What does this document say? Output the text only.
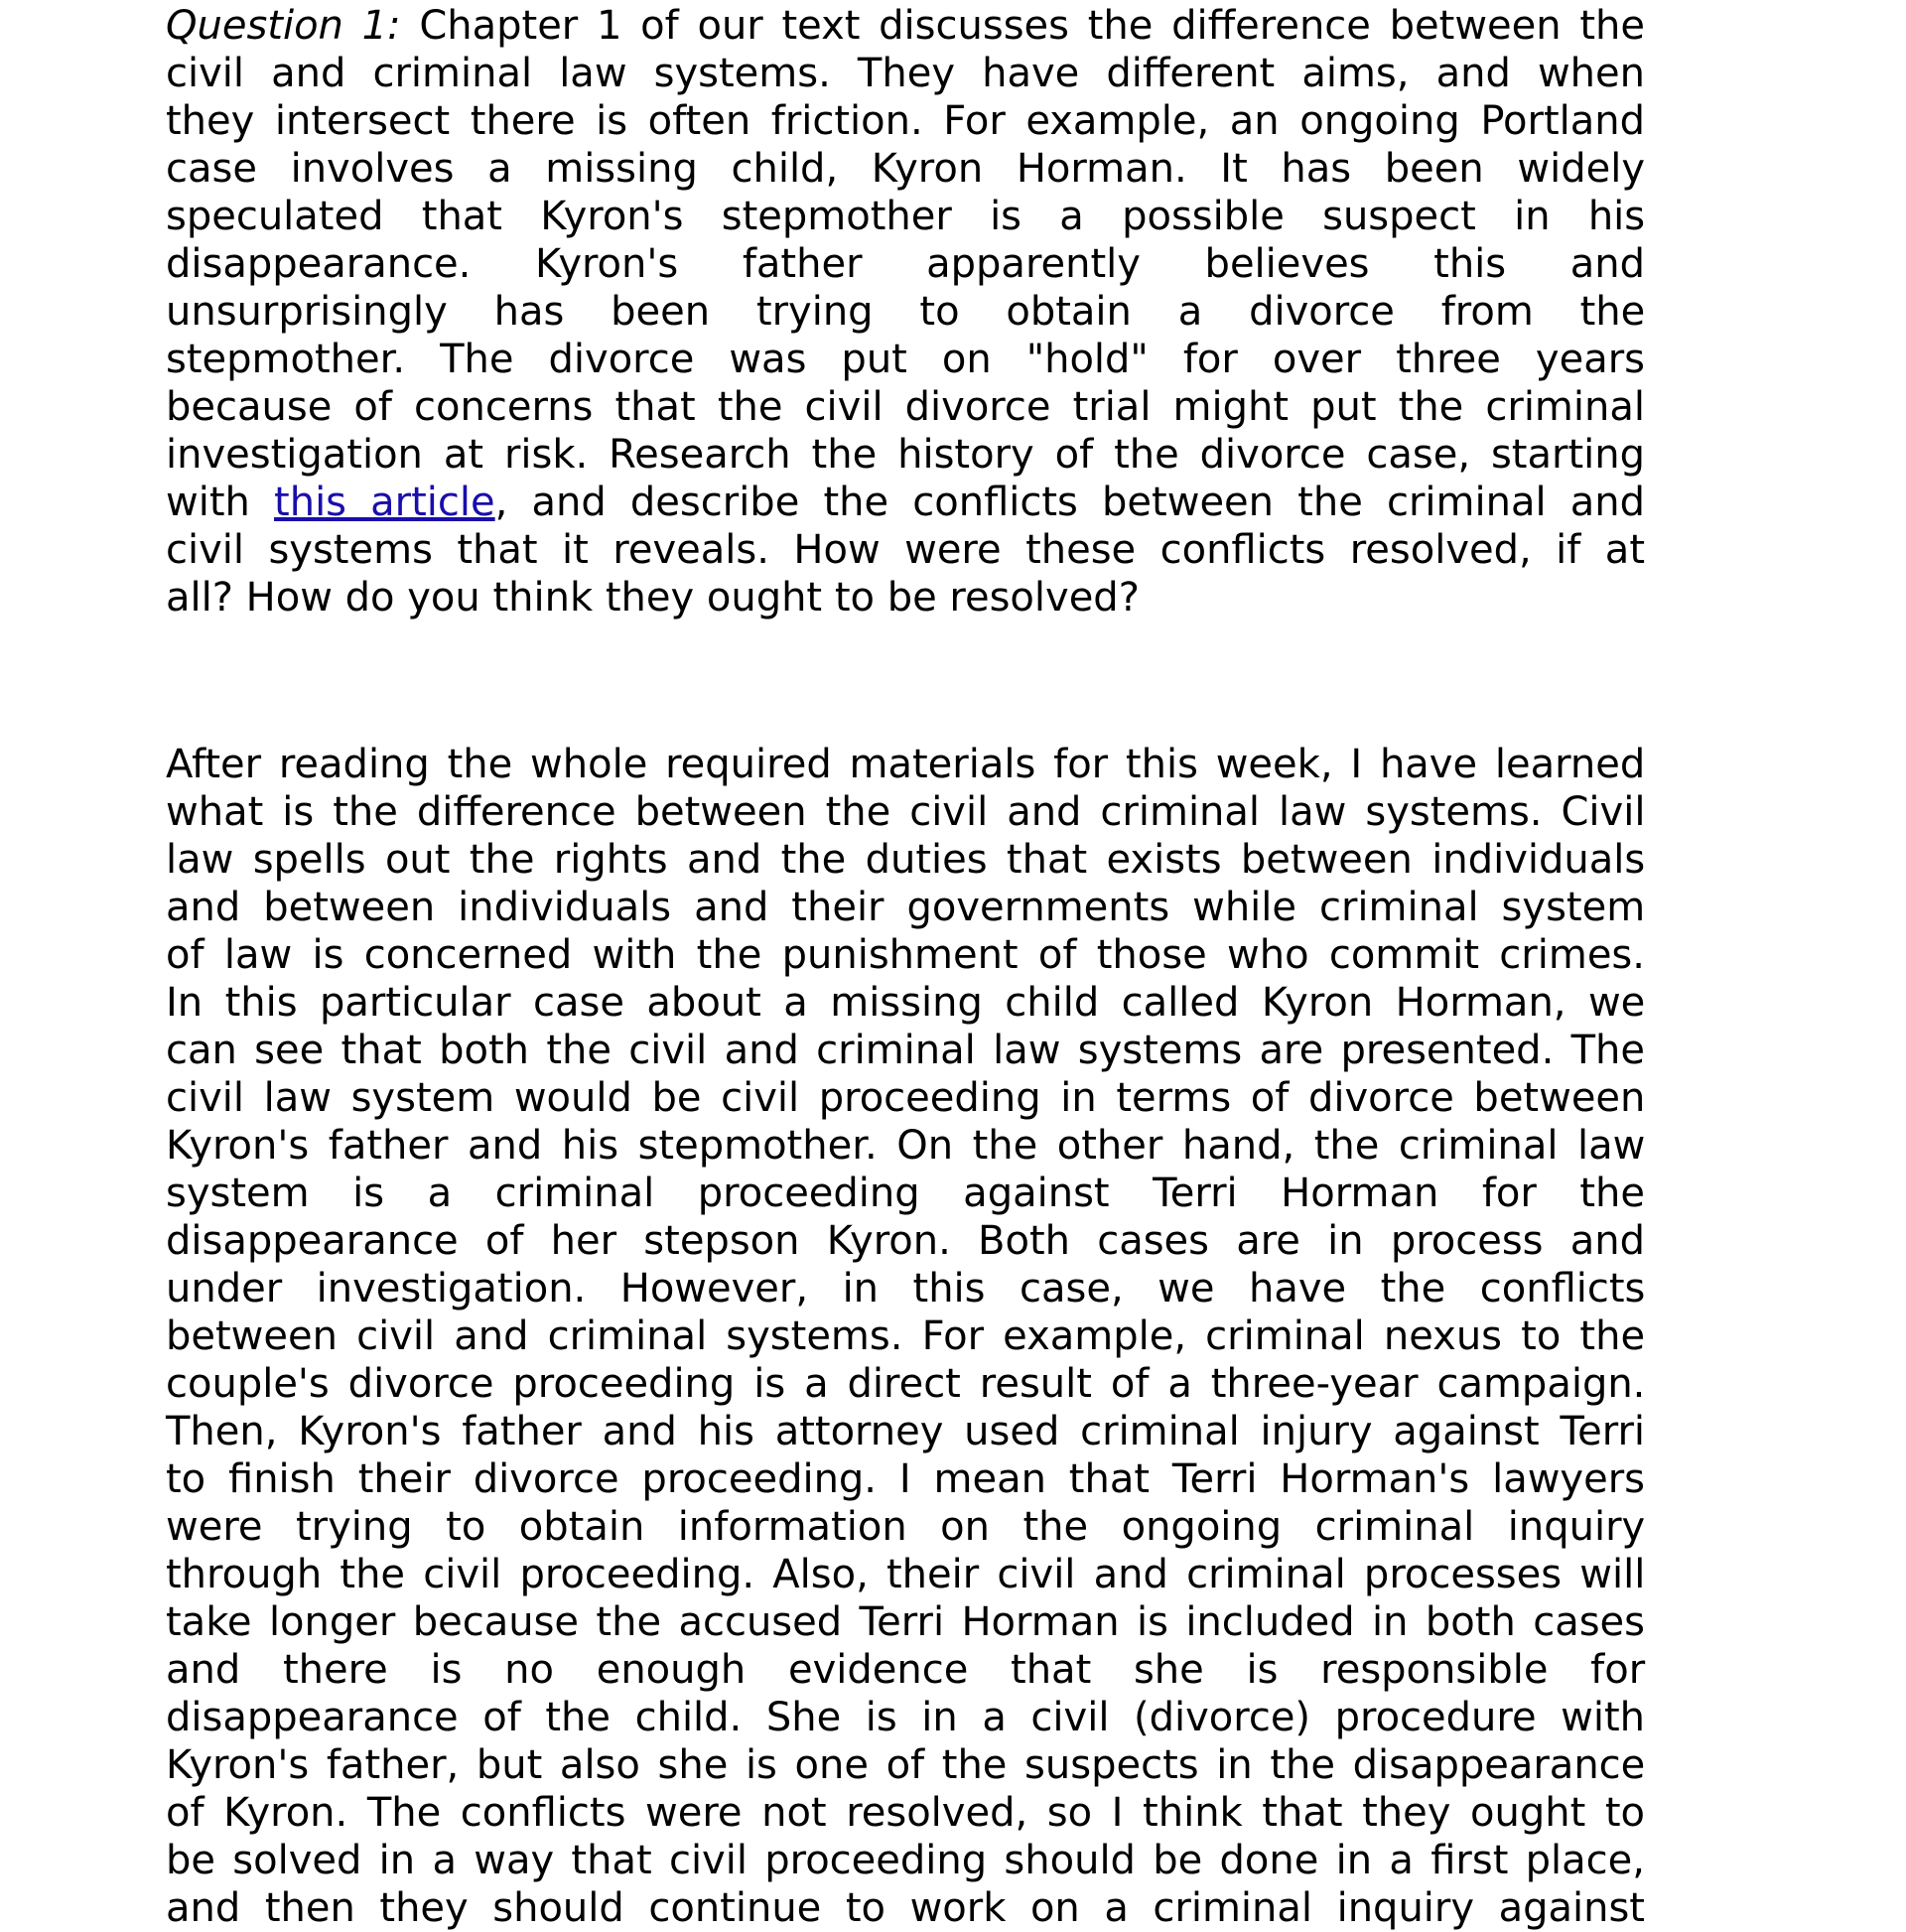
Question 1: Chapter 1 of our text discusses the difference between the
civil and criminal law systems. They have different aims, and when
they intersect there is often friction. For example, an ongoing Portland
case involves a missing child, Kyron Horman. It has been widely
speculated that Kyron's stepmother is a possible suspect in his
disappearance. Kyron's father apparently believes this and
unsurprisingly has been trying to obtain a divorce from the
stepmother. The divorce was put on "hold" for over three years
because of concerns that the civil divorce trial might put the criminal
investigation at risk. Research the history of the divorce case, starting
with this article, and describe the conflicts between the criminal and
civil systems that it reveals. How were these conflicts resolved, if at
all? How do you think they ought to be resolved?
After reading the whole required materials for this week, I have learned
what is the difference between the civil and criminal law systems. Civil
law spells out the rights and the duties that exists between individuals
and between individuals and their governments while criminal system
of law is concerned with the punishment of those who commit crimes.
In this particular case about a missing child called Kyron Horman, we
can see that both the civil and criminal law systems are presented. The
civil law system would be civil proceeding in terms of divorce between
Kyron's father and his stepmother. On the other hand, the criminal law
system is a criminal proceeding against Terri Horman for the
disappearance of her stepson Kyron. Both cases are in process and
under investigation. However, in this case, we have the conflicts
between civil and criminal systems. For example, criminal nexus to the
couple's divorce proceeding is a direct result of a three-year campaign.
Then, Kyron's father and his attorney used criminal injury against Terri
to finish their divorce proceeding. I mean that Terri Horman's lawyers
were trying to obtain information on the ongoing criminal inquiry
through the civil proceeding. Also, their civil and criminal processes will
take longer because the accused Terri Horman is included in both cases
and there is no enough evidence that she is responsible for
disappearance of the child. She is in a civil (divorce) procedure with
Kyron's father, but also she is one of the suspects in the disappearance
of Kyron. The conflicts were not resolved, so I think that they ought to
be solved in a way that civil proceeding should be done in a first place,
and then they should continue to work on a criminal inquiry against
